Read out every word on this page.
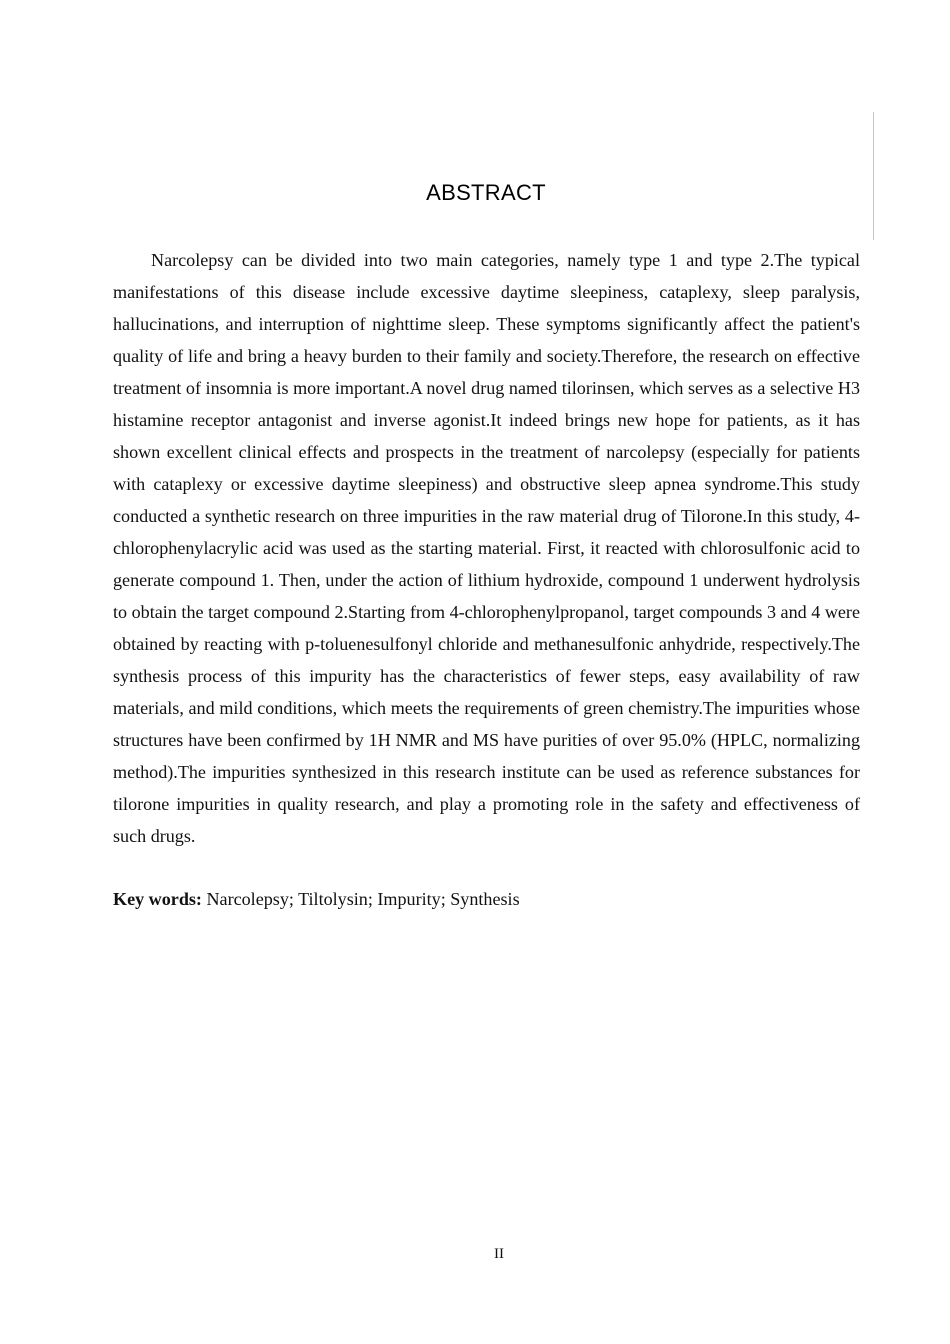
ABSTRACT

Narcolepsy can be divided into two main categories, namely type 1 and type 2.The typical manifestations of this disease include excessive daytime sleepiness, cataplexy, sleep paralysis, hallucinations, and interruption of nighttime sleep. These symptoms significantly affect the patient's quality of life and bring a heavy burden to their family and society.Therefore, the research on effective treatment of insomnia is more important.A novel drug named tilorinsen, which serves as a selective H3 histamine receptor antagonist and inverse agonist.It indeed brings new hope for patients, as it has shown excellent clinical effects and prospects in the treatment of narcolepsy (especially for patients with cataplexy or excessive daytime sleepiness) and obstructive sleep apnea syndrome.This study conducted a synthetic research on three impurities in the raw material drug of Tilorone.In this study, 4-chlorophenylacrylic acid was used as the starting material. First, it reacted with chlorosulfonic acid to generate compound 1. Then, under the action of lithium hydroxide, compound 1 underwent hydrolysis to obtain the target compound 2.Starting from 4-chlorophenylpropanol, target compounds 3 and 4 were obtained by reacting with p-toluenesulfonyl chloride and methanesulfonic anhydride, respectively.The synthesis process of this impurity has the characteristics of fewer steps, easy availability of raw materials, and mild conditions, which meets the requirements of green chemistry.The impurities whose structures have been confirmed by 1H NMR and MS have purities of over 95.0% (HPLC, normalizing method).The impurities synthesized in this research institute can be used as reference substances for tilorone impurities in quality research, and play a promoting role in the safety and effectiveness of such drugs.

Key words: Narcolepsy; Tiltolysin; Impurity; Synthesis

II
